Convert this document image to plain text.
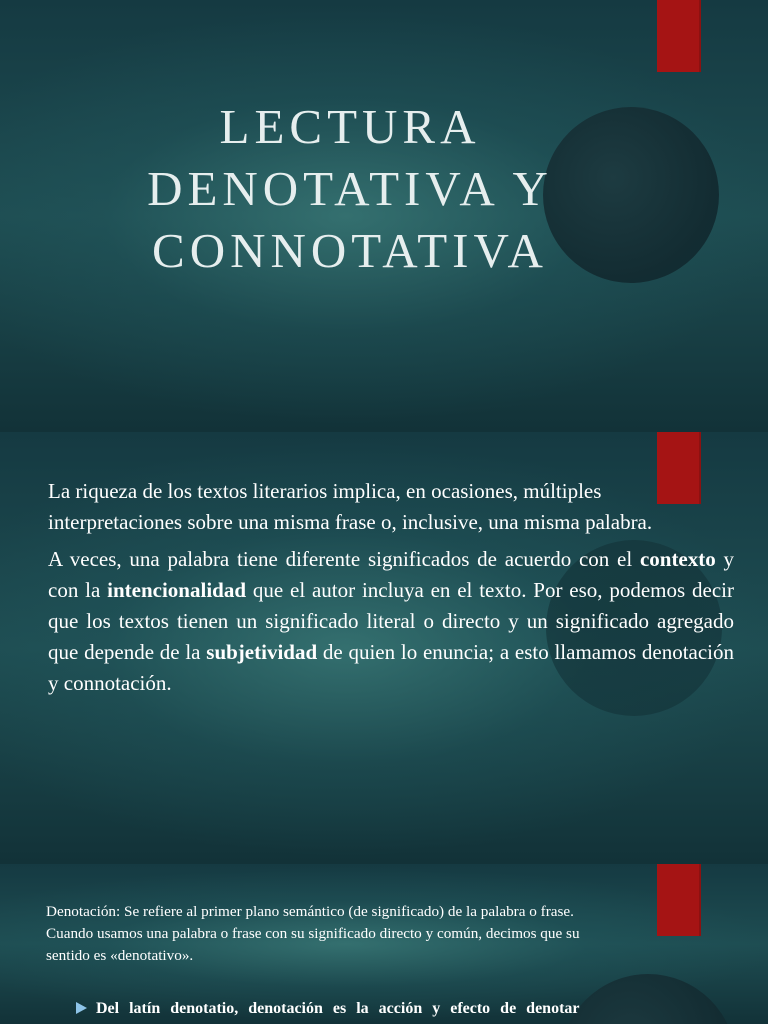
LECTURA
DENOTATIVA Y
CONNOTATIVA

La riqueza de los textos literarios implica, en ocasiones, múltiples interpretaciones sobre una misma frase o, inclusive, una misma palabra.

A veces, una palabra tiene diferente significados de acuerdo con el contexto y con la intencionalidad que el autor incluya en el texto. Por eso, podemos decir que los textos tienen un significado literal o directo y un significado agregado que depende de la subjetividad de quien lo enuncia; a esto llamamos denotación y connotación.

Denotación: Se refiere al primer plano semántico (de significado) de la palabra o frase.
Cuando usamos una palabra o frase con su significado directo y común, decimos que su
sentido es «denotativo».
Del latín denotatio, denotación es la acción y efecto de denotar
